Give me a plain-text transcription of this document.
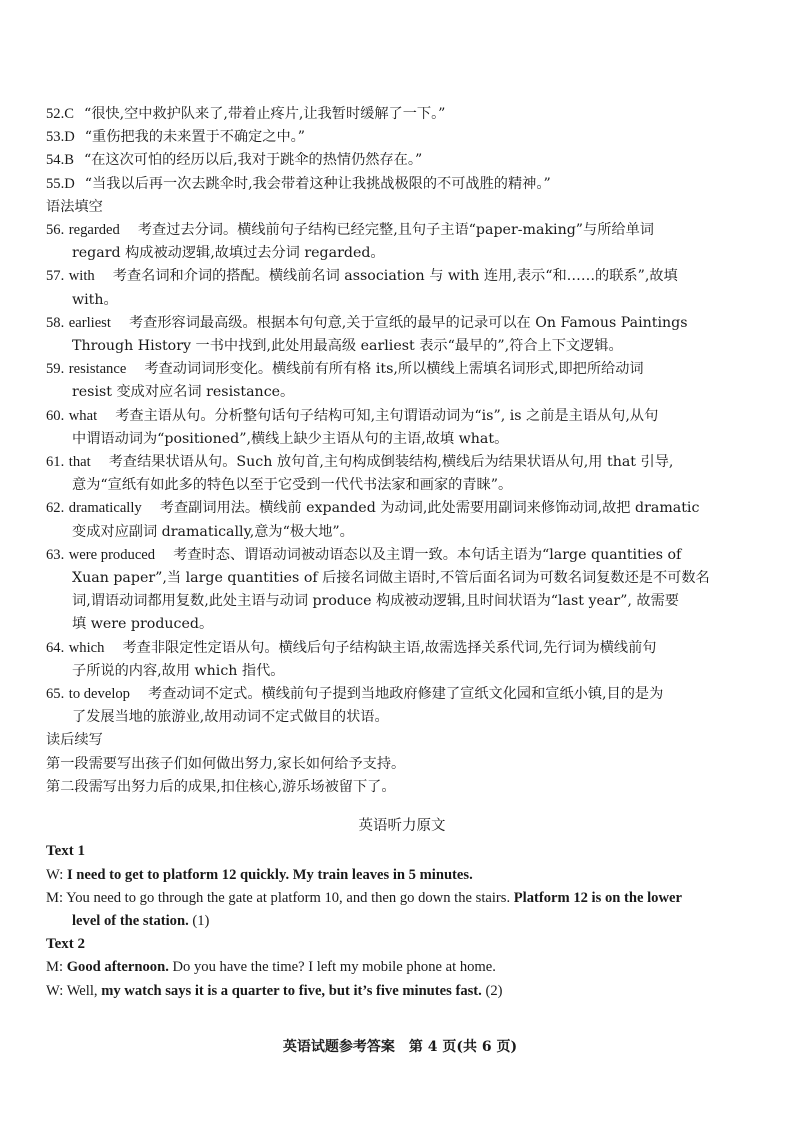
52. C “很快,空中救护队来了,带着止疼片,让我暂时缓解了一下。”
53. D “重伤把我的未来置于不确定之中。”
54. B “在这次可怕的经历以后,我对于跳伞的热情仍然存在。”
55. D “当我以后再一次去跳伞时,我会带着这种让我挑战极限的不可战胜的精神。”
语法填空
56. regarded 考查过去分词。横线前句子结构已经完整,且句子主语“paper-making”与所给单词
regard 构成被动逻辑,故填过去分词 regarded。
57. with 考查名词和介词的搭配。横线前名词 association 与 with 连用,表示“和……的联系”,故填
with。
58. earliest 考查形容词最高级。根据本句句意,关于宣纸的最早的记录可以在 On Famous Paintings
Through History 一书中找到,此处用最高级 earliest 表示“最早的”,符合上下文逻辑。
59. resistance 考查动词词形变化。横线前有所有格 its,所以横线上需填名词形式,即把所给动词
resist 变成对应名词 resistance。
60. what 考查主语从句。分析整句话句子结构可知,主句谓语动词为“is”, is 之前是主语从句,从句
中谓语动词为“positioned”,横线上缺少主语从句的主语,故填 what。
61. that 考查结果状语从句。Such 放句首,主句构成倒装结构,横线后为结果状语从句,用 that 引导,
意为“宣纸有如此多的特色以至于它受到一代代书法家和画家的青睐”。
62. dramatically 考查副词用法。横线前 expanded 为动词,此处需要用副词来修饰动词,故把 dramatic
变成对应副词 dramatically,意为“极大地”。
63. were produced 考查时态、谓语动词被动语态以及主谓一致。本句话主语为“large quantities of
Xuan paper”,当 large quantities of 后接名词做主语时,不管后面名词为可数名词复数还是不可数名
词,谓语动词都用复数,此处主语与动词 produce 构成被动逻辑,且时间状语为“last year”, 故需要
填 were produced。
64. which 考查非限定性定语从句。横线后句子结构缺主语,故需选择关系代词,先行词为横线前句
子所说的内容,故用 which 指代。
65. to develop 考查动词不定式。横线前句子提到当地政府修建了宣纸文化园和宣纸小镇,目的是为
了发展当地的旅游业,故用动词不定式做目的状语。
读后续写
第一段需要写出孩子们如何做出努力,家长如何给予支持。
第二段需写出努力后的成果,扣住核心,游乐场被留下了。
英语听力原文
Text 1
W: I need to get to platform 12 quickly. My train leaves in 5 minutes.
M: You need to go through the gate at platform 10, and then go down the stairs. Platform 12 is on the lower
level of the station. (1)
Text 2
M: Good afternoon. Do you have the time? I left my mobile phone at home.
W: Well, my watch says it is a quarter to five, but it’s five minutes fast. (2)
英语试题参考答案　第 4 页(共 6 页)
